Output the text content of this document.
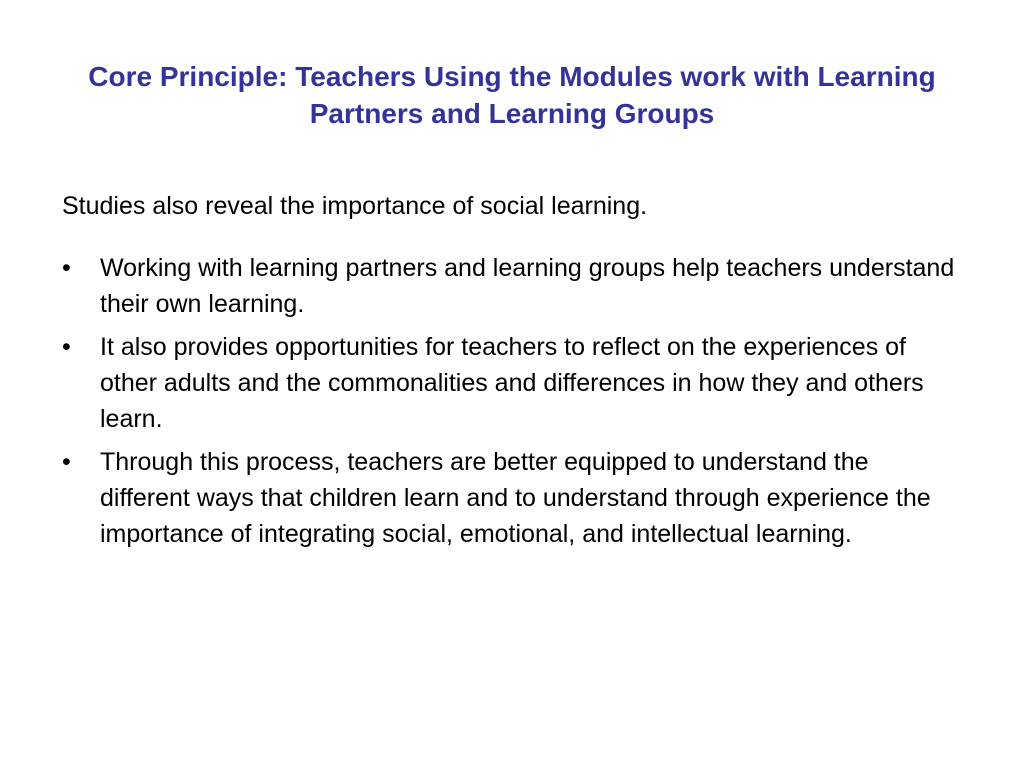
Core Principle: Teachers Using the Modules work with Learning Partners and Learning Groups

Studies also reveal the importance of social learning.

•	Working with learning partners and learning groups help teachers understand their own learning.
•	It also provides opportunities for teachers to reflect on the experiences of other adults and the commonalities and differences in how they and others learn.
•	Through this process, teachers are better equipped to understand the different ways that children learn and to understand through experience the importance of integrating social, emotional, and intellectual learning.
